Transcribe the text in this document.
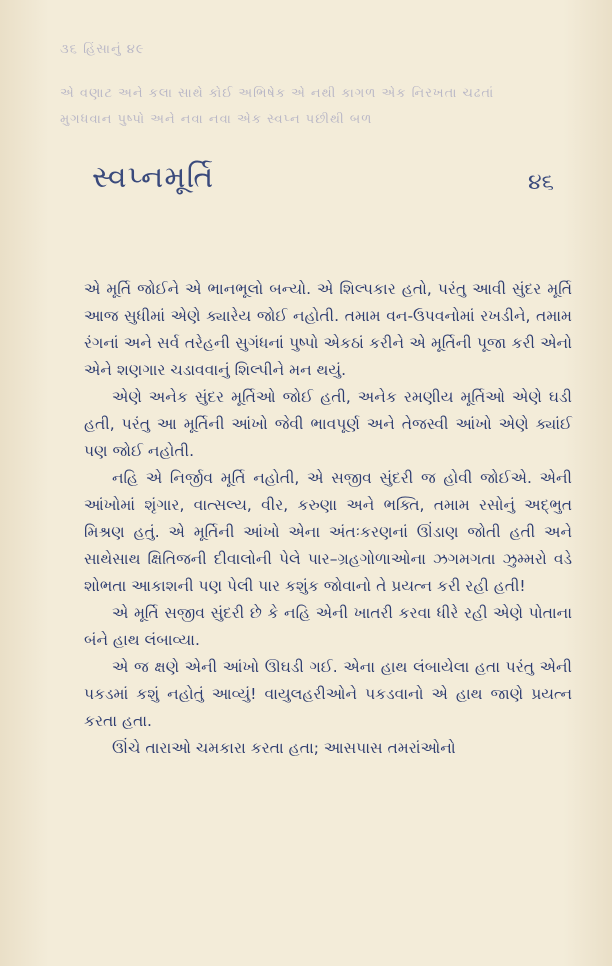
૩૬ હિંસાનું ૪૯
એ વણાટ અને કલા સાથે કોઈ અભિષેક એ નથી કાગળ એક નિરખતા ચઢતાં
મુગધવાન પુષ્પો અને નવા નવા એક સ્વપ્ન પછીથી બળ
સ્વપ્નમૂર્તિ	૪૬

એ મૂર્તિ જોઈને એ ભાનભૂલો બન્યો. એ શિલ્પકાર હતો, પરંતુ આવી સુંદર મૂર્તિ આજ સુધીમાં એણે ક્યારેય જોઈ નહોતી. તમામ વન-ઉપવનોમાં રખડીને, તમામ રંગનાં અને સર્વ તરેહની સુગંધનાં પુષ્પો એકઠાં કરીને એ મૂર્તિની પૂજા કરી એનો એને શણગાર ચડાવવાનું શિલ્પીને મન થયું.

એણે અનેક સુંદર મૂર્તિઓ જોઈ હતી, અનેક રમણીય મૂર્તિઓ એણે ઘડી હતી, પરંતુ આ મૂર્તિની આંખો જેવી ભાવપૂર્ણ અને તેજસ્વી આંખો એણે ક્યાંઈ પણ જોઈ નહોતી.

નહિ એ નિર્જીવ મૂર્તિ નહોતી, એ સજીવ સુંદરી જ હોવી જોઈએ. એની આંખોમાં શૃંગાર, વાત્સલ્ય, વીર, કરુણા અને ભક્તિ, તમામ રસોનું અદ્‌ભુત મિશ્રણ હતું. એ મૂર્તિની આંખો એના અંતઃકરણનાં ઊંડાણ જોતી હતી અને સાથેસાથ ક્ષિતિજની દીવાલોની પેલે પાર–ગ્રહગોળાઓના ઝગમગતા ઝુમ્મરો વડે શોભતા આકાશની પણ પેલી પાર કશુંક જોવાનો તે પ્રયત્ન કરી રહી હતી!

એ મૂર્તિ સજીવ સુંદરી છે કે નહિ એની ખાતરી કરવા ધીરે રહી એણે પોતાના બંને હાથ લંબાવ્યા.

એ જ ક્ષણે એની આંખો ઊઘડી ગઈ. એના હાથ લંબાયેલા હતા પરંતુ એની પકડમાં કશું નહોતું આવ્યું! વાયુલહરીઓને પકડવાનો એ હાથ જાણે પ્રયત્ન કરતા હતા.

ઊંચે તારાઓ ચમકારા કરતા હતા; આસપાસ તમરાંઓનો
